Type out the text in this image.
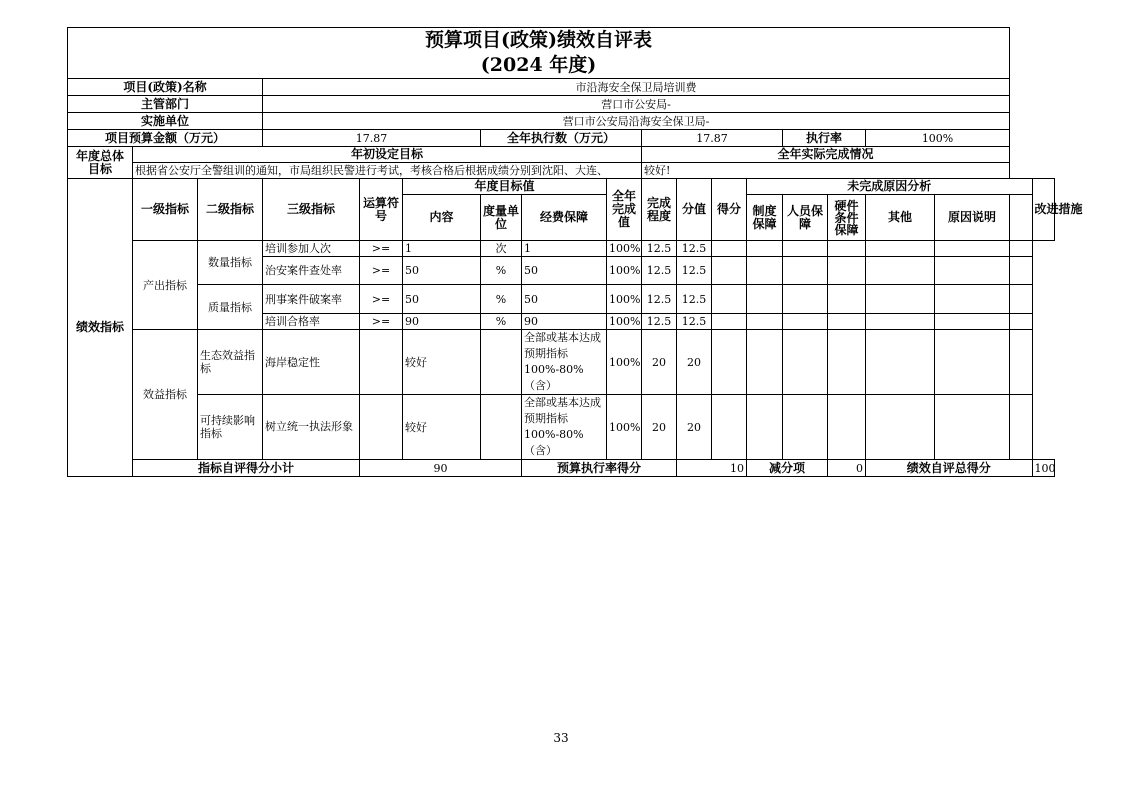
预算项目(政策)绩效自评表
(2024 年度)																		

项目(政策)名称			市沿海安全保卫局培训费															
主管部门			营口市公安局-															
实施单位			营口市公安局沿海安全保卫局-															
项目预算金额（万元）			17.87			全年执行数（万元）			17.87				执行率		100%			

年度总体
目标	年初设定目标								全年实际完成情况									
	根据省公安厅全警组训的通知，市局组织民警进行考试，考核合格后根据成绩分别到沈阳、大连、								较好!									
绩效指标	一级指标	二级指标	三级指标	运算符号	年度目标值			全年完成值	完成程度	分值	得分	未完成原因分析						改进措施
					内容	度量单位	经费保障					制度保障	人员保障	硬件条件保障	其他	原因说明		
	产出指标	数量指标	培训参加人次	>=	1	次	1	100%	12.5	12.5								
			治安案件查处率	>=	50	%	50	100%	12.5	12.5								
		质量指标	刑事案件破案率	>=	50	%	50	100%	12.5	12.5								
			培训合格率	>=	90	%	90	100%	12.5	12.5								
	效益指标	生态效益指标	海岸稳定性		较好		全部或基本达成预期指标100%-80%（含）	100%	20	20								
		可持续影响指标	树立统一执法形象		较好		全部或基本达成预期指标100%-80%（含）	100%	20	20								
	指标自评得分小计			90			预算执行率得分			10		减分项		0	绩效自评总得分			100
33
